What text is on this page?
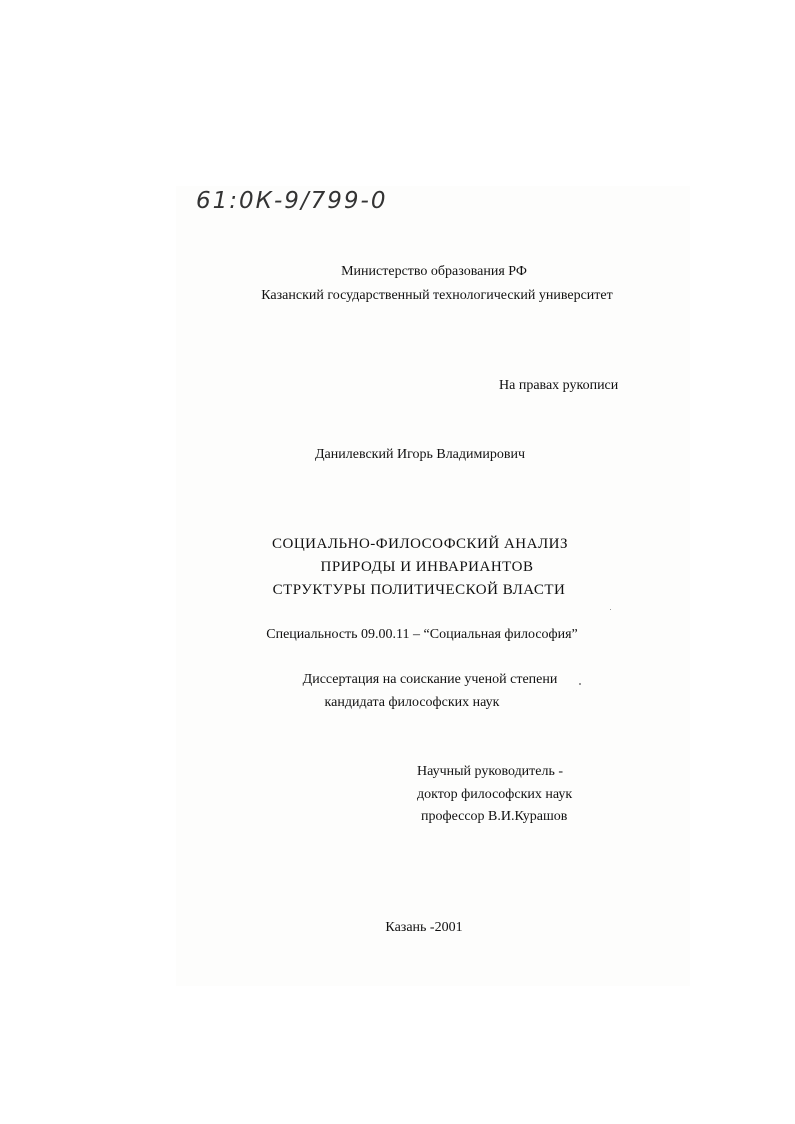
61:0К-9/799-0
Министерство образования РФ
Казанский государственный технологический университет
На правах рукописи
Данилевский Игорь Владимирович
СОЦИАЛЬНО-ФИЛОСОФСКИЙ АНАЛИЗ
ПРИРОДЫ И ИНВАРИАНТОВ
СТРУКТУРЫ ПОЛИТИЧЕСКОЙ ВЛАСТИ
Специальность 09.00.11 – “Социальная философия”
Диссертация на соискание ученой степени
кандидата философских наук
Научный руководитель -
доктор философских наук
профессор В.И.Курашов
Казань -2001
